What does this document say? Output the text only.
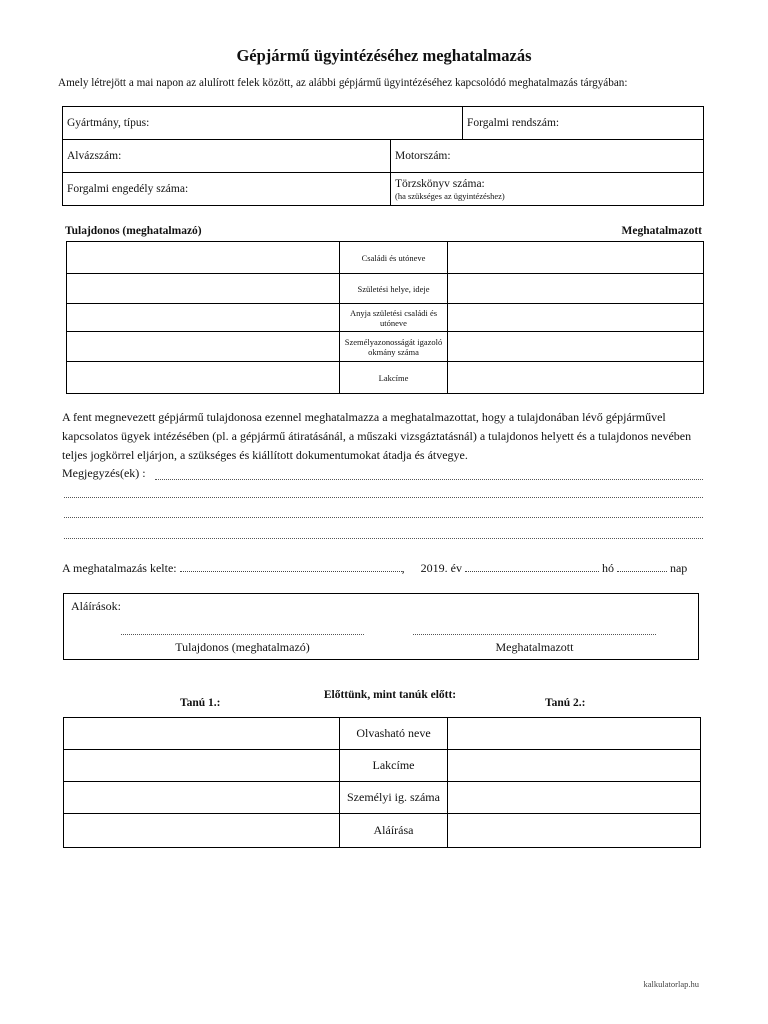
Gépjármű ügyintézéséhez meghatalmazás
Amely létrejött a mai napon az alulírott felek között, az alábbi gépjármű ügyintézéséhez kapcsolódó meghatalmazás tárgyában:
Gyártmány, típus:		Forgalmi rendszám:
Alvázszám:	Motorszám:	
Forgalmi engedély száma:	Törzskönyv száma:
(ha szükséges az ügyintézéshez)	
Tulajdonos (meghatalmazó)	Meghatalmazott
	Családi és utóneve	
	Születési helye, ideje	
	Anyja születési családi és utóneve	
	Személyazonosságát igazoló okmány száma	
	Lakcíme	
A fent megnevezett gépjármű tulajdonosa ezennel meghatalmazza a meghatalmazottat, hogy a tulajdonában lévő gépjárművel kapcsolatos ügyek intézésében (pl. a gépjármű átiratásánál, a műszaki vizsgáztatásnál) a tulajdonos helyett és a tulajdonos nevében teljes jogkörrel eljárjon, a szükséges és kiállított dokumentumokat átadja és átvegye.
Megjegyzés(ek) :
A meghatalmazás kelte:	,  2019. év	hó	nap
Aláírások:
Tulajdonos (meghatalmazó)	Meghatalmazott
Előttünk, mint tanúk előtt:
Tanú 1.:	Tanú 2.:
	Olvasható neve	
	Lakcíme	
	Személyi ig. száma	
	Aláírása	
kalkulatorlap.hu
